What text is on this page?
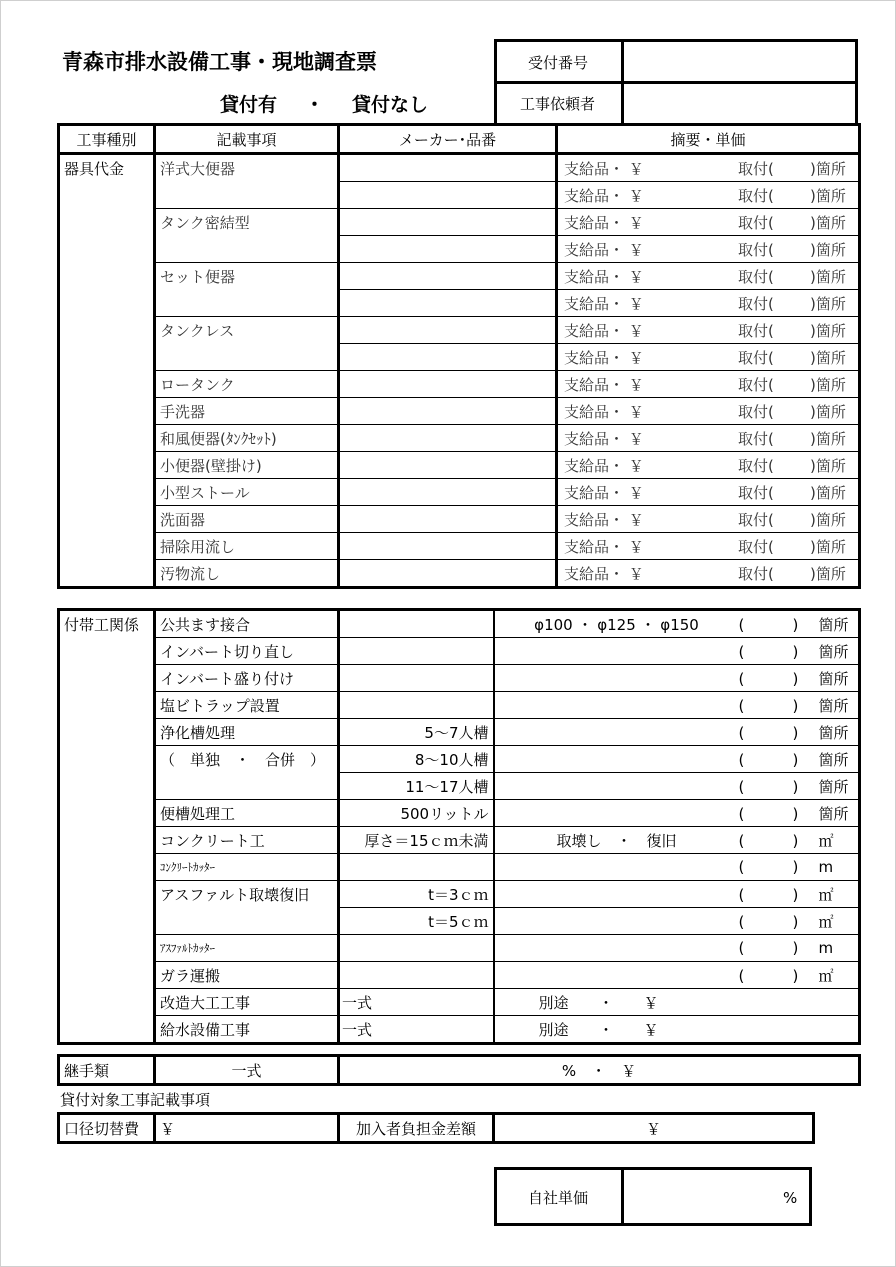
青森市排水設備工事・現地調査票
貸付有 ・ 貸付なし
受付番号
工事依頼者
工事種別	記載事項	メーカー･品番	摘要・単価
器具代金	洋式大便器		支給品・ ￥ 取付( )箇所
			支給品・ ￥ 取付( )箇所
	タンク密結型		支給品・ ￥ 取付( )箇所
			支給品・ ￥ 取付( )箇所
	セット便器		支給品・ ￥ 取付( )箇所
			支給品・ ￥ 取付( )箇所
	タンクレス		支給品・ ￥ 取付( )箇所
			支給品・ ￥ 取付( )箇所
	ロータンク		支給品・ ￥ 取付( )箇所
	手洗器		支給品・ ￥ 取付( )箇所
	和風便器(ﾀﾝｸｾｯﾄ)		支給品・ ￥ 取付( )箇所
	小便器(壁掛け)		支給品・ ￥ 取付( )箇所
	小型ストール		支給品・ ￥ 取付( )箇所
	洗面器		支給品・ ￥ 取付( )箇所
	掃除用流し		支給品・ ￥ 取付( )箇所
	汚物流し		支給品・ ￥ 取付( )箇所
付帯工関係	公共ます接合		φ100 ・ φ125 ・ φ150	( ) 箇所
	インバート切り直し			( ) 箇所
	インバート盛り付け			( ) 箇所
	塩ビトラップ設置			( ) 箇所
	浄化槽処理	5～7人槽		( ) 箇所
	（　単独　・　合併　）	8～10人槽		( ) 箇所
		11～17人槽		( ) 箇所
	便槽処理工	500リットル		( ) 箇所
	コンクリート工	厚さ＝15ｃｍ未満	取壊し　・　復旧	( ) ㎡
	ｺﾝｸﾘｰﾄｶｯﾀｰ			( ) m
	アスファルト取壊復旧	t＝3ｃｍ		( ) ㎡
		t＝5ｃｍ		( ) ㎡
	ｱｽﾌｧﾙﾄｶｯﾀｰ			( ) m
	ガラ運搬			( ) ㎡
	改造大工工事	一式	別途　　・　　￥	
	給水設備工事	一式	別途　　・　　￥	
継手類	一式	%　・　￥
貸付対象工事記載事項
口径切替費	￥	加入者負担金差額	￥
自社単価	%
